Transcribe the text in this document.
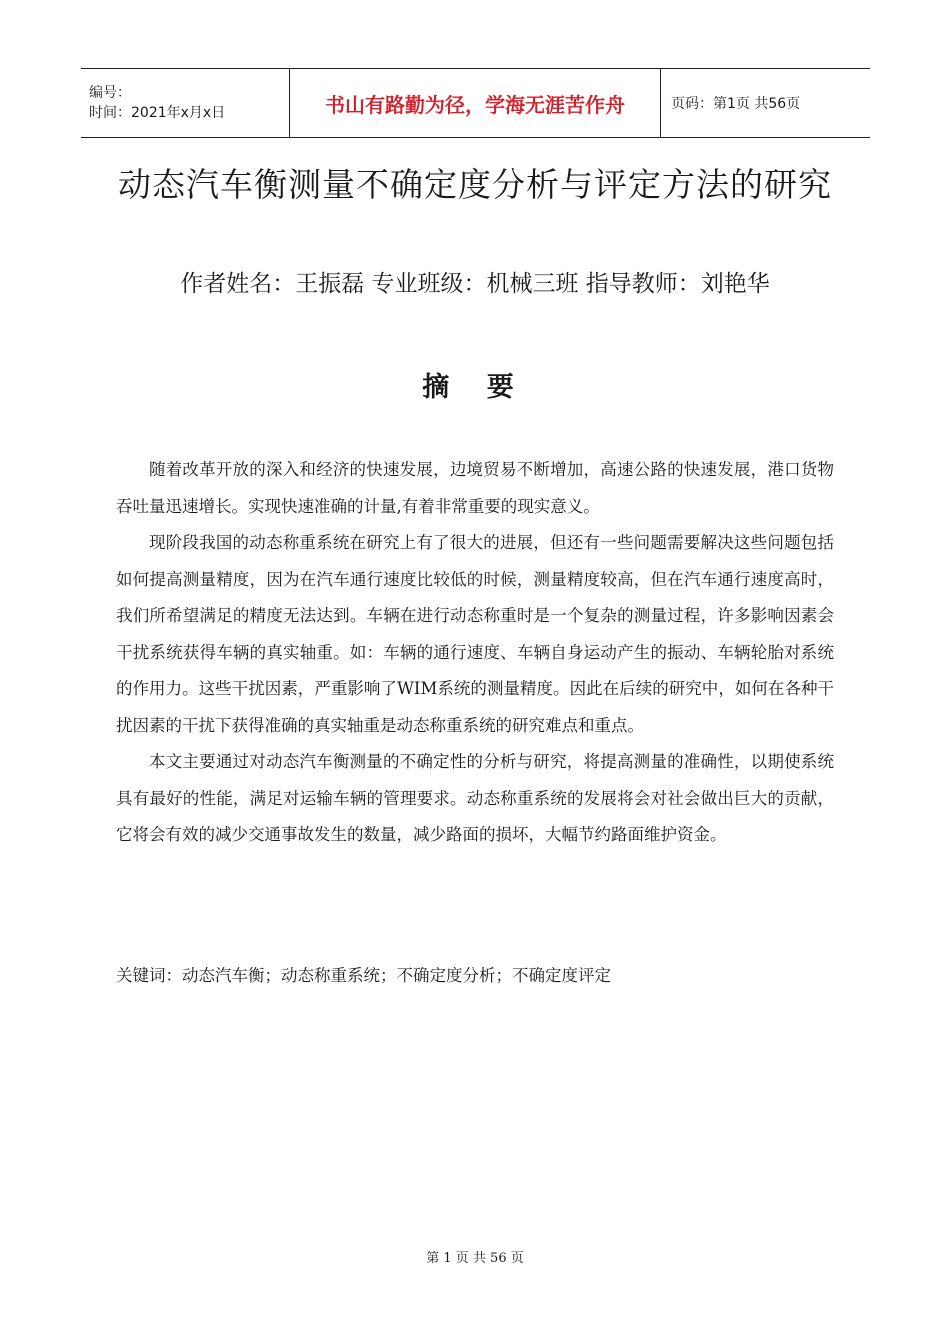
编号：
时间：2021年x月x日	书山有路勤为径，学海无涯苦作舟	页码：第1页 共56页
动态汽车衡测量不确定度分析与评定方法的研究
作者姓名：王振磊 专业班级：机械三班 指导教师：刘艳华
摘 要

随着改革开放的深入和经济的快速发展，边境贸易不断增加，高速公路的快速发展，港口货物吞吐量迅速增长。实现快速准确的计量,有着非常重要的现实意义。

现阶段我国的动态称重系统在研究上有了很大的进展，但还有一些问题需要解决这些问题包括如何提高测量精度，因为在汽车通行速度比较低的时候，测量精度较高，但在汽车通行速度高时，我们所希望满足的精度无法达到。车辆在进行动态称重时是一个复杂的测量过程，许多影响因素会干扰系统获得车辆的真实轴重。如：车辆的通行速度、车辆自身运动产生的振动、车辆轮胎对系统的作用力。这些干扰因素，严重影响了WIM系统的测量精度。因此在后续的研究中，如何在各种干扰因素的干扰下获得准确的真实轴重是动态称重系统的研究难点和重点。

本文主要通过对动态汽车衡测量的不确定性的分析与研究，将提高测量的准确性，以期使系统具有最好的性能，满足对运输车辆的管理要求。动态称重系统的发展将会对社会做出巨大的贡献，它将会有效的减少交通事故发生的数量，减少路面的损坏，大幅节约路面维护资金。

关键词：动态汽车衡；动态称重系统；不确定度分析；不确定度评定
第 1 页 共 56 页
